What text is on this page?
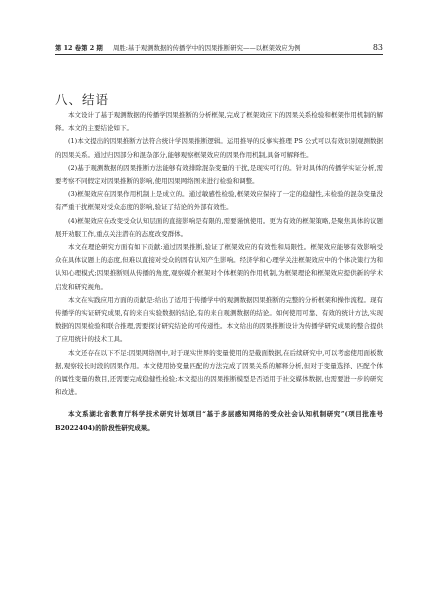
第 12 卷第 2 期	周胜:基于观测数据的传播学中的因果推断研究——以框架效应为例	83
八、结语

本文设计了基于观测数据的传播学因果推断的分析框架,完成了框架效应下的因果关系检验和框架作用机制的解释。本文的主要结论如下。

(1)本文提出的因果推断方法符合统计学因果推断逻辑。运用推导的反事实推理 PS 公式可以有效识别观测数据的因果关系。通过归因部分和混杂部分,能够观察框架效应的因果作用机制,具备可解释性。

(2)基于观测数据的因果推断方法能够有效排除混杂变量的干扰,是现实可行的。针对具体的传播学实证分析,需要考察不同假定对因果推断的影响,使用因果网络图来进行检验和调整。

(3)框架效应在因果作用机制上是成立的。通过敏感性检验,框架效应保持了一定的稳健性,未检验的混杂变量没有严重干扰框架对受众态度的影响,验证了结论的外部有效性。

(4)框架效应在改变受众认知层面的直接影响是有限的,需要谨慎使用。更为有效的框架策略,是聚焦具体的议题展开劝服工作,重点关注潜在的态度改变群体。

本文在理论研究方面有如下贡献:通过因果推断,验证了框架效应的有效性和局限性。框架效应能够有效影响受众在具体议题上的态度,但难以直接对受众的固有认知产生影响。经济学和心理学关注框架效应中的个体决策行为和认知心理模式;因果推断则从传播的角度,观察媒介框架对个体框架的作用机制,为框架理论和框架效应提供新的学术启发和研究视角。

本文在实践应用方面的贡献是:给出了适用于传播学中的观测数据因果推断的完整的分析框架和操作流程。现有传播学的实证研究成果,有的来自实验数据的结论,有的来自观测数据的结论。如何使用可靠、有效的统计方法,实现数据的因果检验和联合推理,需要探讨研究结论的可传递性。本文给出的因果推断设计为传播学研究成果的整合提供了应用统计的技术工具。

本文还存在以下不足:因果网络图中,对于现实世界的变量使用的是截面数据,在后续研究中,可以考虑使用面板数据,观察较长时段的因果作用。本文使用协变量匹配的方法完成了因果关系的解释分析,但对于变量选择、匹配个体的属性变量的数目,还需要完成稳健性检验;本文提出的因果推断模型是否适用于社交媒体数据,也需要进一步的研究和改进。

本文系湖北省教育厅科学技术研究计划项目“基于多层感知网络的受众社会认知机制研究”(项目批准号 B2022404)的阶段性研究成果。
